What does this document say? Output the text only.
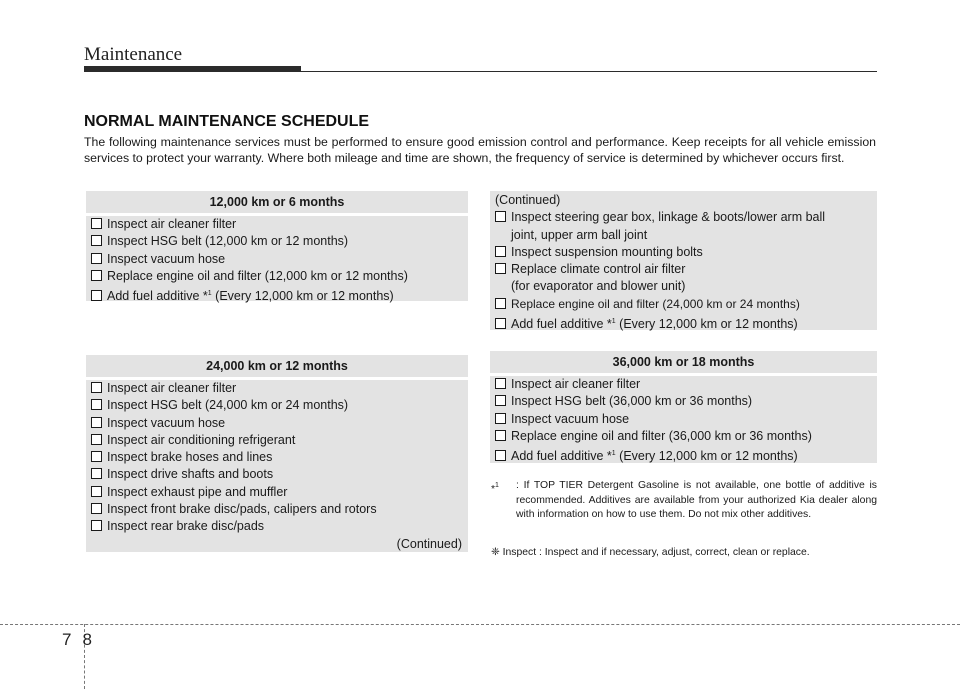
Maintenance
NORMAL MAINTENANCE SCHEDULE
The following maintenance services must be performed to ensure good emission control and performance. Keep receipts for all vehicle emission services to protect your warranty. Where both mileage and time are shown, the frequency of service is determined by whichever occurs first.
12,000 km or 6 months
Inspect air cleaner filter
Inspect HSG belt (12,000 km or 12 months)
Inspect vacuum hose
Replace engine oil and filter (12,000 km or 12 months)
Add fuel additive *$^1$ (Every 12,000 km or 12 months)
24,000 km or 12 months
Inspect air cleaner filter
Inspect HSG belt (24,000 km or 24 months)
Inspect vacuum hose
Inspect air conditioning refrigerant
Inspect brake hoses and lines
Inspect drive shafts and boots
Inspect exhaust pipe and muffler
Inspect front brake disc/pads, calipers and rotors
Inspect rear brake disc/pads
(Continued)
(Continued)
Inspect steering gear box, linkage & boots/lower arm ball
joint, upper arm ball joint
Inspect suspension mounting bolts
Replace climate control air filter
(for evaporator and blower unit)
Replace engine oil and filter (24,000 km or 24 months)
Add fuel additive *$^1$ (Every 12,000 km or 12 months)
36,000 km or 18 months
Inspect air cleaner filter
Inspect HSG belt (36,000 km or 36 months)
Inspect vacuum hose
Replace engine oil and filter (36,000 km or 36 months)
Add fuel additive *$^1$ (Every 12,000 km or 12 months)
*$^1$ : If TOP TIER Detergent Gasoline is not available, one bottle of additive is recommended. Additives are available from your authorized Kia dealer along with information on how to use them. Do not mix other additives.
❈ Inspect : Inspect and if necessary, adjust, correct, clean or replace.
78
